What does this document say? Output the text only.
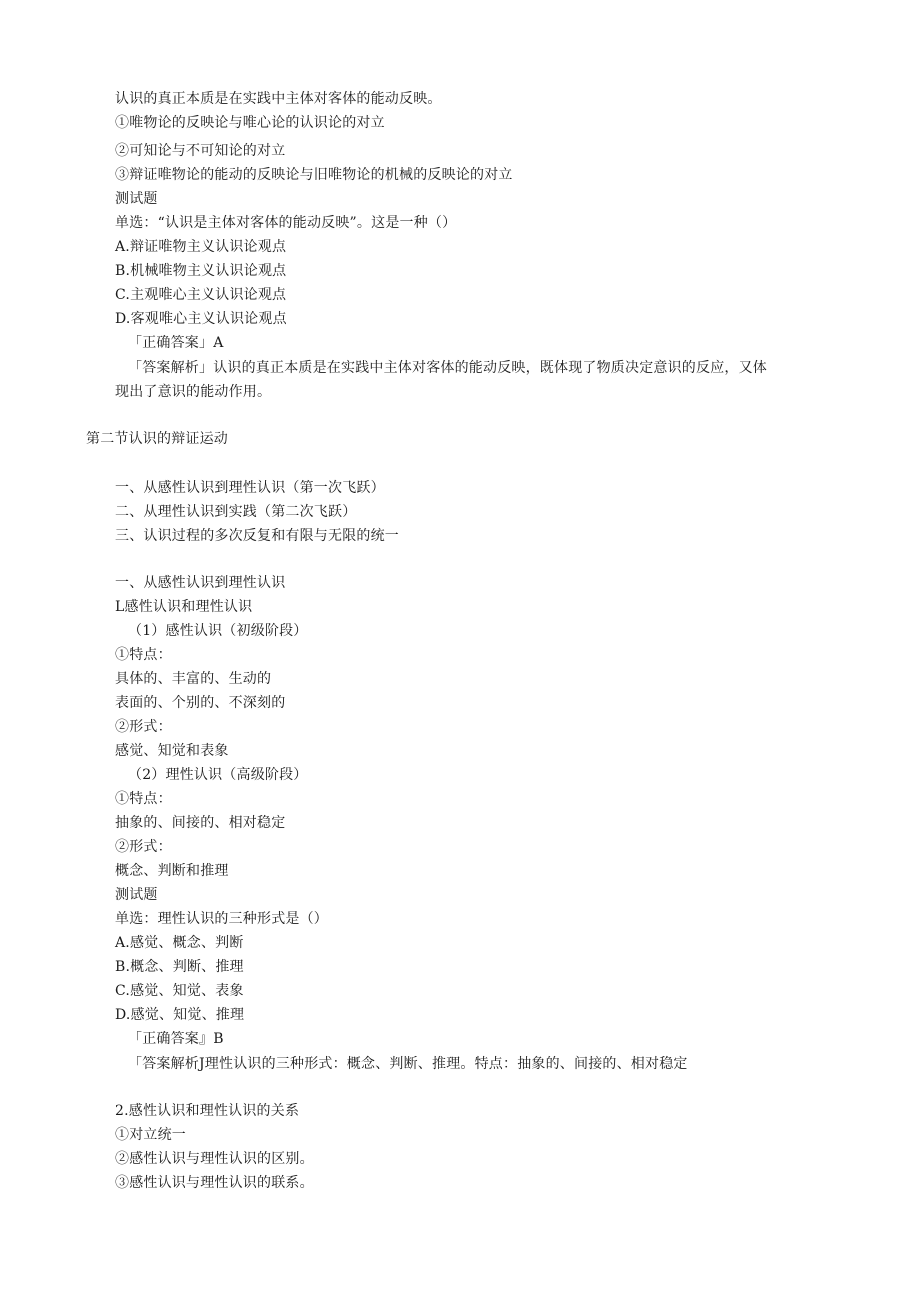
认识的真正本质是在实践中主体对客体的能动反映。
①唯物论的反映论与唯心论的认识论的对立
②可知论与不可知论的对立
③辩证唯物论的能动的反映论与旧唯物论的机械的反映论的对立
测试题
单选：“认识是主体对客体的能动反映”。这是一种（）
A.辩证唯物主义认识论观点
B.机械唯物主义认识论观点
C.主观唯心主义认识论观点
D.客观唯心主义认识论观点
「正确答案」A
「答案解析」认识的真正本质是在实践中主体对客体的能动反映，既体现了物质决定意识的反应，又体
现出了意识的能动作用。
第二节认识的辩证运动
一、从感性认识到理性认识（第一次飞跃）
二、从理性认识到实践（第二次飞跃）
三、认识过程的多次反复和有限与无限的统一
一、从感性认识到理性认识
L感性认识和理性认识
（1）感性认识（初级阶段）
①特点：
具体的、丰富的、生动的
表面的、个别的、不深刻的
②形式：
感觉、知觉和表象
（2）理性认识（高级阶段）
①特点：
抽象的、间接的、相对稳定
②形式：
概念、判断和推理
测试题
单选：理性认识的三种形式是（）
A.感觉、概念、判断
B.概念、判断、推理
C.感觉、知觉、表象
D.感觉、知觉、推理
「正确答案』B
「答案解析J理性认识的三种形式：概念、判断、推理。特点：抽象的、间接的、相对稳定
2.感性认识和理性认识的关系
①对立统一
②感性认识与理性认识的区别。
③感性认识与理性认识的联系。
